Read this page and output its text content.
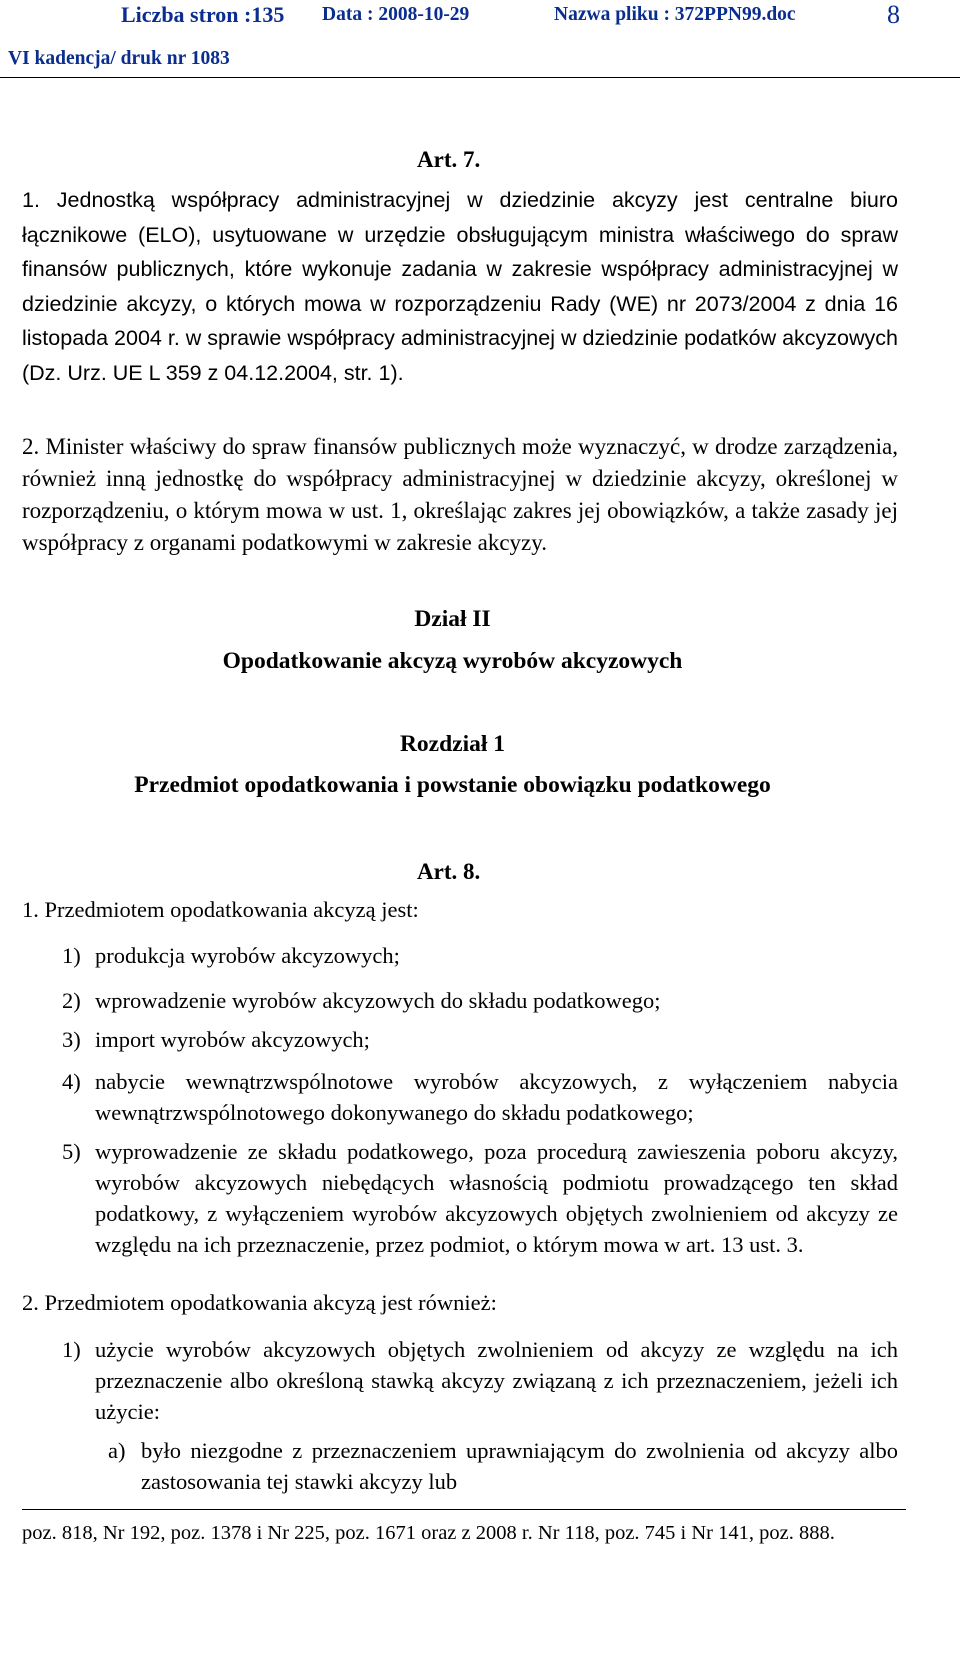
Liczba stron :135 Data : 2008-10-29	Nazwa pliku : 372PPN99.doc	8
VI kadencja/ druk nr 1083
Art. 7.
1. Jednostką współpracy administracyjnej w dziedzinie akcyzy jest centralne biuro łącznikowe (ELO), usytuowane w urzędzie obsługującym ministra właściwego do spraw finansów publicznych, które wykonuje zadania w zakresie współpracy administracyjnej w dziedzinie akcyzy, o których mowa w rozporządzeniu Rady (WE) nr 2073/2004 z dnia 16 listopada 2004 r. w sprawie współpracy administracyjnej w dziedzinie podatków akcyzowych (Dz. Urz. UE L 359 z 04.12.2004, str. 1).
2. Minister właściwy do spraw finansów publicznych może wyznaczyć, w drodze zarządzenia, również inną jednostkę do współpracy administracyjnej w dziedzinie akcyzy, określonej w rozporządzeniu, o którym mowa w ust. 1, określając zakres jej obowiązków, a także zasady jej współpracy z organami podatkowymi w zakresie akcyzy.
Dział II
Opodatkowanie akcyzą wyrobów akcyzowych
Rozdział 1
Przedmiot opodatkowania i powstanie obowiązku podatkowego
Art. 8.
1. Przedmiotem opodatkowania akcyzą jest:
1) produkcja wyrobów akcyzowych;
2) wprowadzenie wyrobów akcyzowych do składu podatkowego;
3) import wyrobów akcyzowych;
4) nabycie wewnątrzwspólnotowe wyrobów akcyzowych, z wyłączeniem nabycia wewnątrzwspólnotowego dokonywanego do składu podatkowego;
5) wyprowadzenie ze składu podatkowego, poza procedurą zawieszenia poboru akcyzy, wyrobów akcyzowych niebędących własnością podmiotu prowadzącego ten skład podatkowy, z wyłączeniem wyrobów akcyzowych objętych zwolnieniem od akcyzy ze względu na ich przeznaczenie, przez podmiot, o którym mowa w art. 13 ust. 3.
2. Przedmiotem opodatkowania akcyzą jest również:
1) użycie wyrobów akcyzowych objętych zwolnieniem od akcyzy ze względu na ich przeznaczenie albo określoną stawką akcyzy związaną z ich przeznaczeniem, jeżeli ich użycie:
a) było niezgodne z przeznaczeniem uprawniającym do zwolnienia od akcyzy albo zastosowania tej stawki akcyzy lub
poz. 818, Nr 192, poz. 1378 i Nr 225, poz. 1671 oraz z 2008 r. Nr 118, poz. 745 i Nr 141, poz. 888.
